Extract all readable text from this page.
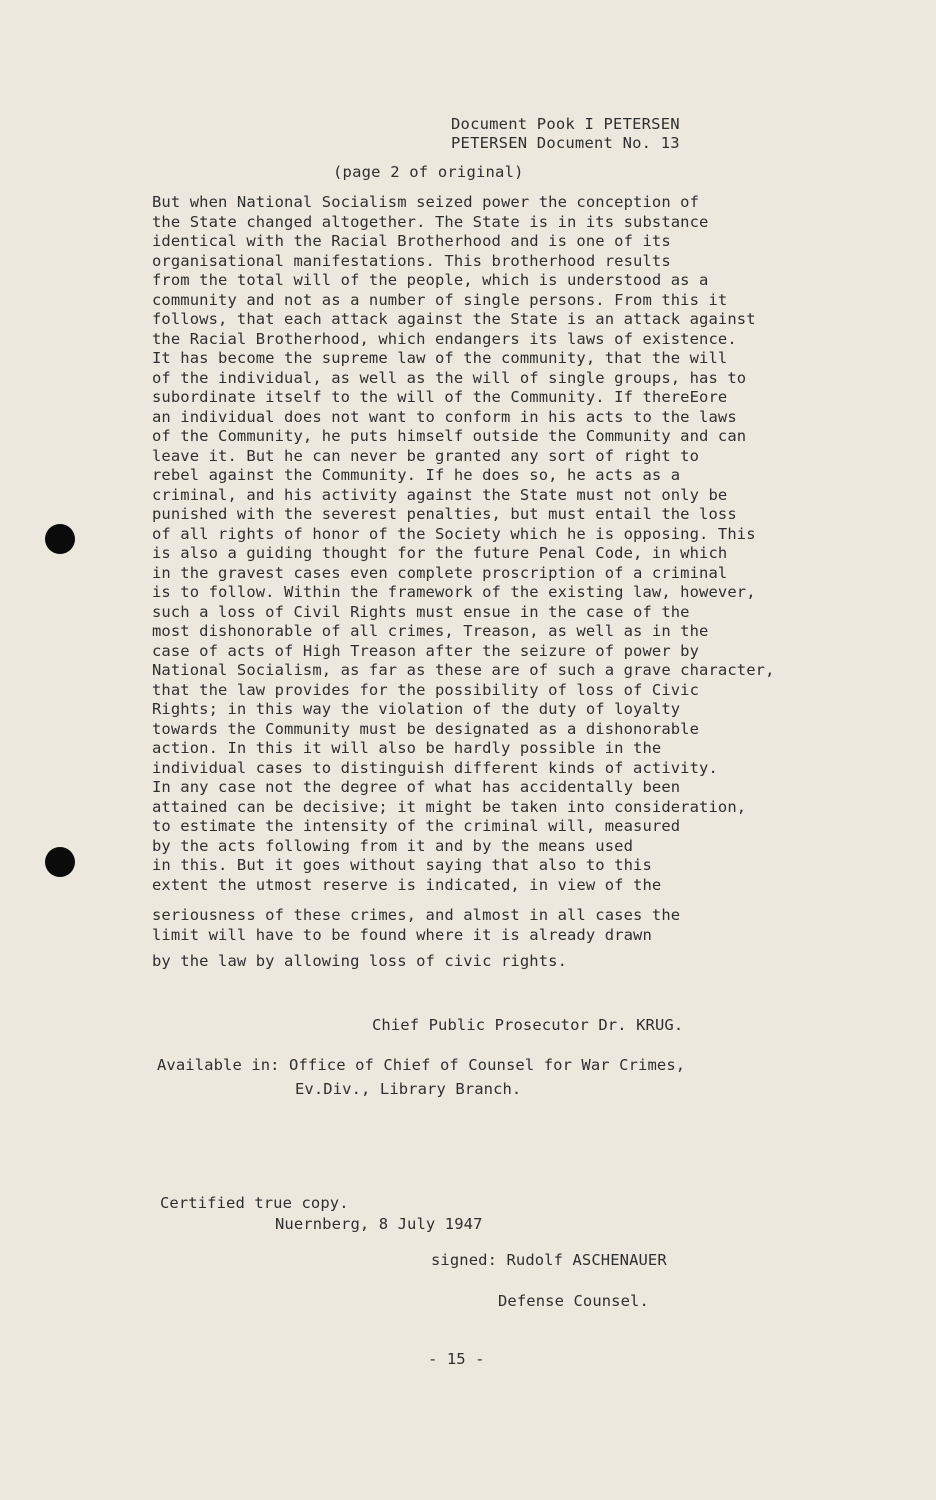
Document Pook I PETERSEN
PETERSEN Document No. 13
(page 2 of original)
But when National Socialism seized power the conception of
the State changed altogether. The State is in its substance
identical with the Racial Brotherhood and is one of its
organisational manifestations. This brotherhood results
from the total will of the people, which is understood as a
community and not as a number of single persons. From this it
follows, that each attack against the State is an attack against
the Racial Brotherhood, which endangers its laws of existence.
It has become the supreme law of the community, that the will
of the individual, as well as the will of single groups, has to
subordinate itself to the will of the Community. If thereEore
an individual does not want to conform in his acts to the laws
of the Community, he puts himself outside the Community and can
leave it. But he can never be granted any sort of right to
rebel against the Community. If he does so, he acts as a
criminal, and his activity against the State must not only be
punished with the severest penalties, but must entail the loss
of all rights of honor of the Society which he is opposing. This
is also a guiding thought for the future Penal Code, in which
in the gravest cases even complete proscription of a criminal
is to follow. Within the framework of the existing law, however,
such a loss of Civil Rights must ensue in the case of the
most dishonorable of all crimes, Treason, as well as in the
case of acts of High Treason after the seizure of power by
National Socialism, as far as these are of such a grave character,
that the law provides for the possibility of loss of Civic
Rights; in this way the violation of the duty of loyalty
towards the Community must be designated as a dishonorable
action. In this it will also be hardly possible in the
individual cases to distinguish different kinds of activity.
In any case not the degree of what has accidentally been
attained can be decisive; it might be taken into consideration,
to estimate the intensity of the criminal will, measured
by the acts following from it and by the means used
in this. But it goes without saying that also to this
extent the utmost reserve is indicated, in view of the
seriousness of these crimes, and almost in all cases the
limit will have to be found where it is already drawn
by the law by allowing loss of civic rights.
Chief Public Prosecutor Dr. KRUG.
Available in: Office of Chief of Counsel for War Crimes,
Ev.Div., Library Branch.
Certified true copy.
Nuernberg, 8 July 1947
signed: Rudolf ASCHENAUER
Defense Counsel.
- 15 -
